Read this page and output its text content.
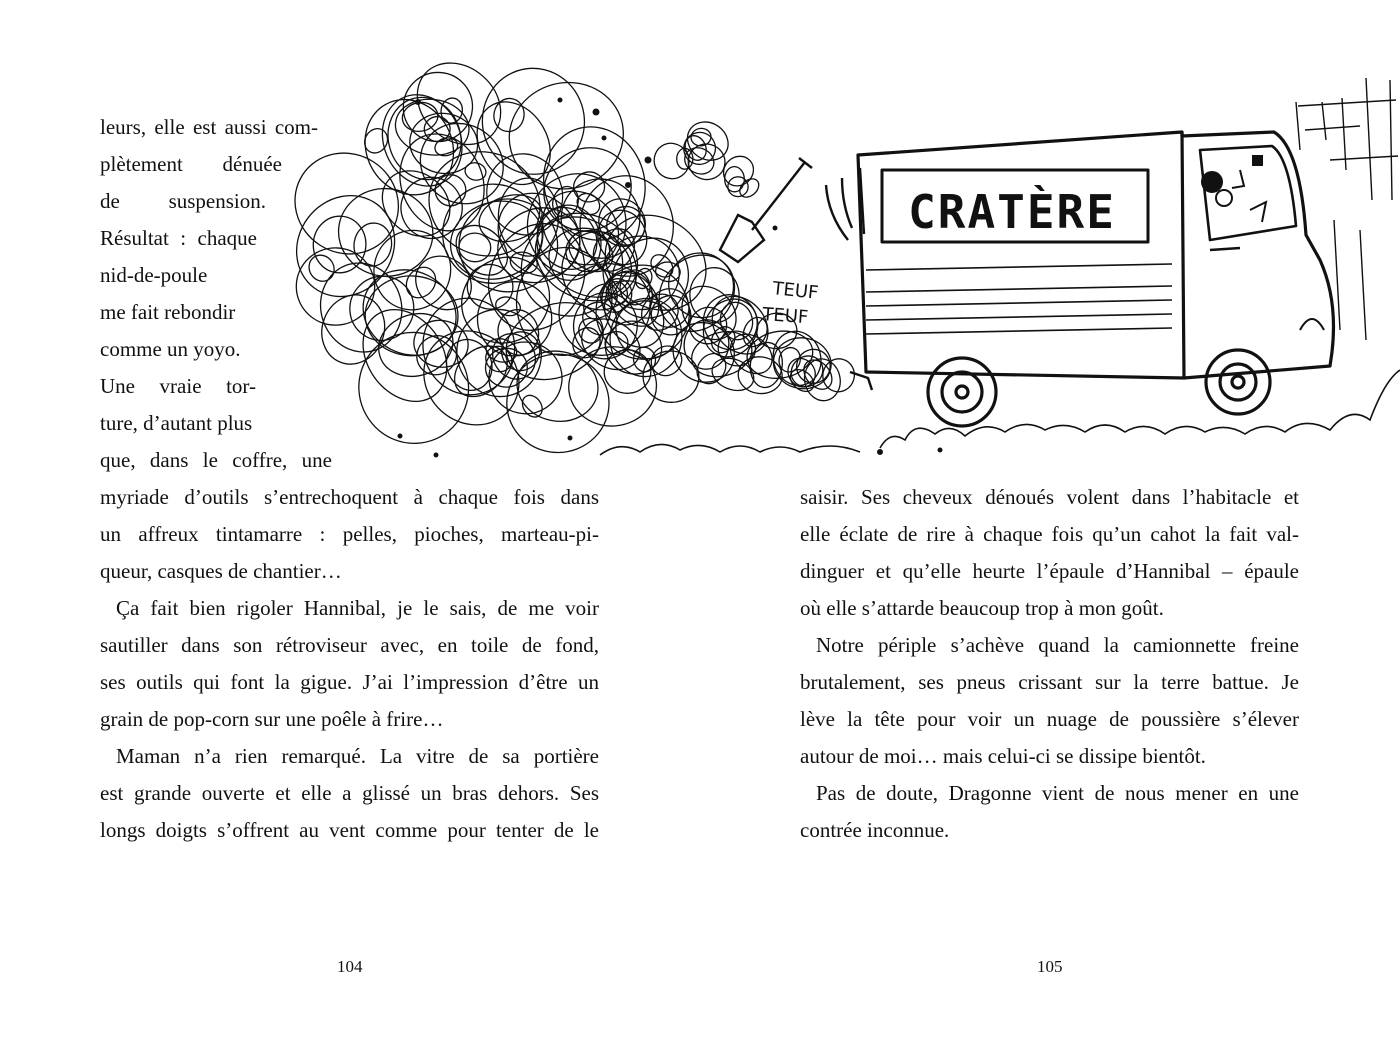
CRATÈRE
TEUF
TEUF
leurs, elle est aussi com-
plètement dénuée
de suspension.
Résultat : chaque
nid-de-poule
me fait rebondir
comme un yoyo.
Une vraie tor-
ture, d’autant plus
que, dans le coffre, une
myriade d’outils s’entrechoquent à chaque fois dans
un affreux tintamarre : pelles, pioches, marteau-pi-
queur, casques de chantier…
Ça fait bien rigoler Hannibal, je le sais, de me voir
sautiller dans son rétroviseur avec, en toile de fond,
ses outils qui font la gigue. J’ai l’impression d’être un
grain de pop-corn sur une poêle à frire…
Maman n’a rien remarqué. La vitre de sa portière
est grande ouverte et elle a glissé un bras dehors. Ses
longs doigts s’offrent au vent comme pour tenter de le
104
saisir. Ses cheveux dénoués volent dans l’habitacle et
elle éclate de rire à chaque fois qu’un cahot la fait val-
dinguer et qu’elle heurte l’épaule d’Hannibal – épaule
où elle s’attarde beaucoup trop à mon goût.
Notre périple s’achève quand la camionnette freine
brutalement, ses pneus crissant sur la terre battue. Je
lève la tête pour voir un nuage de poussière s’élever
autour de moi… mais celui-ci se dissipe bientôt.
Pas de doute, Dragonne vient de nous mener en une
contrée inconnue.
105
